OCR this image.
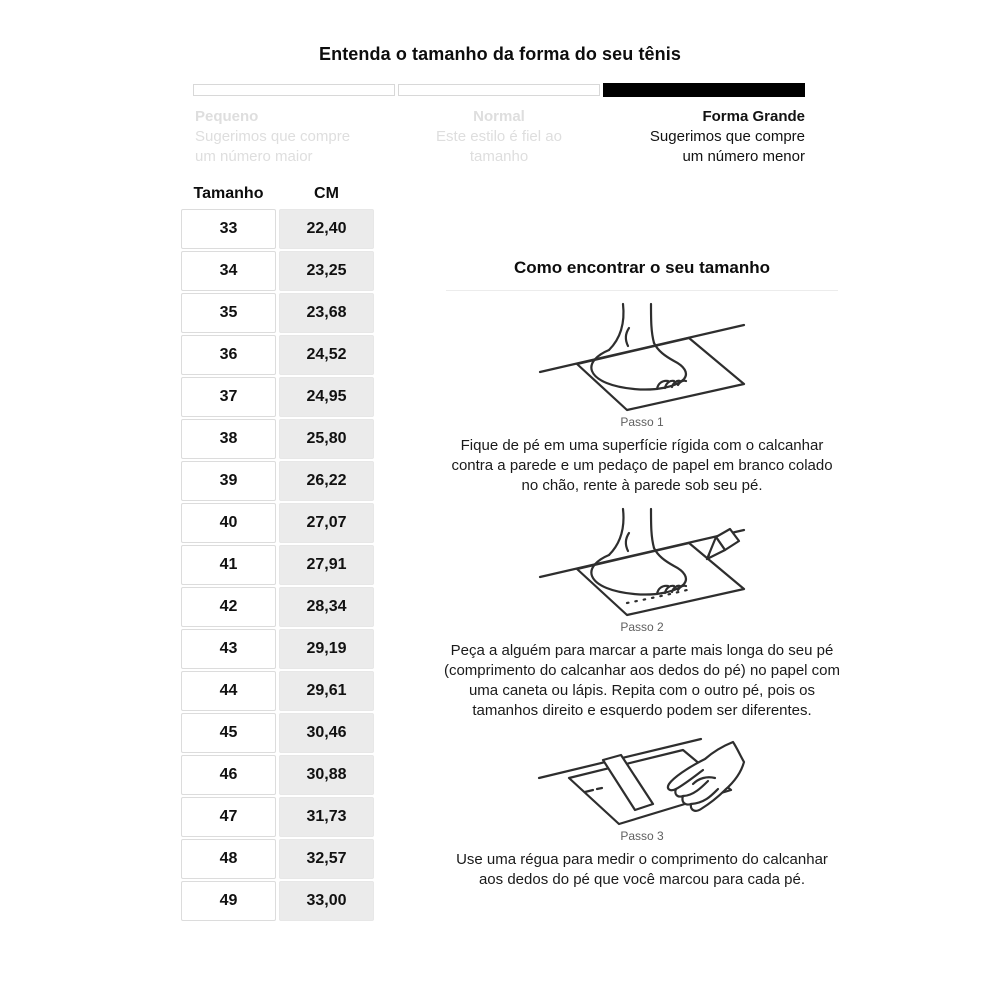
Entenda o tamanho da forma do seu tênis
Pequeno
Sugerimos que compre um número maior
Normal
Este estilo é fiel ao tamanho
Forma Grande
Sugerimos que compre um número menor
Tamanho	CM
33	22,40
34	23,25
35	23,68
36	24,52
37	24,95
38	25,80
39	26,22
40	27,07
41	27,91
42	28,34
43	29,19
44	29,61
45	30,46
46	30,88
47	31,73
48	32,57
49	33,00
Como encontrar o seu tamanho
Passo 1

Fique de pé em uma superfície rígida com o calcanhar contra a parede e um pedaço de papel em branco colado no chão, rente à parede sob seu pé.

Passo 2

Peça a alguém para marcar a parte mais longa do seu pé (comprimento do calcanhar aos dedos do pé) no papel com uma caneta ou lápis. Repita com o outro pé, pois os tamanhos direito e esquerdo podem ser diferentes.

Passo 3

Use uma régua para medir o comprimento do calcanhar aos dedos do pé que você marcou para cada pé.
